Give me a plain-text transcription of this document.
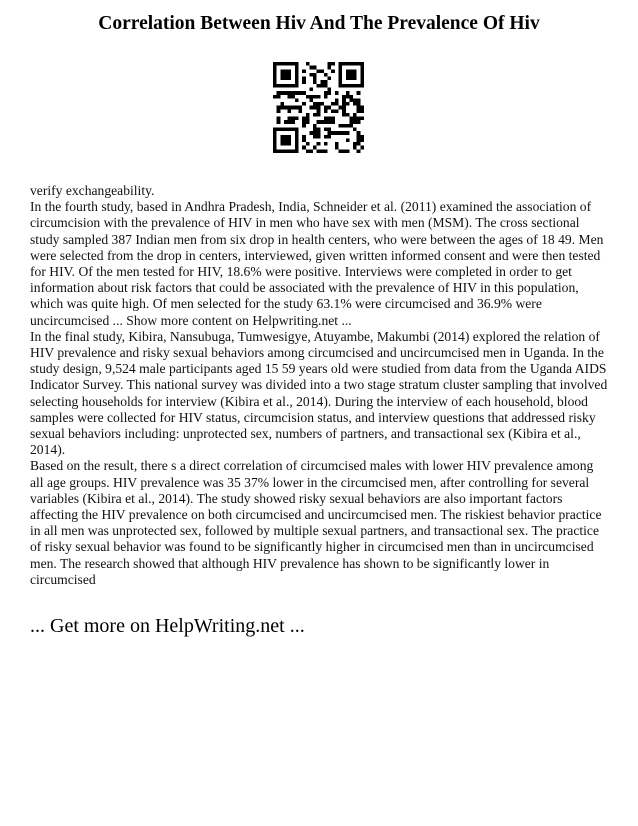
Correlation Between Hiv And The Prevalence Of Hiv

verify exchangeability.

In the fourth study, based in Andhra Pradesh, India, Schneider et al. (2011) examined the association of circumcision with the prevalence of HIV in men who have sex with men (MSM). The cross sectional study sampled 387 Indian men from six drop in health centers, who were between the ages of 18 49. Men were selected from the drop in centers, interviewed, given written informed consent and were then tested for HIV. Of the men tested for HIV, 18.6% were positive. Interviews were completed in order to get information about risk factors that could be associated with the prevalence of HIV in this population, which was quite high. Of men selected for the study 63.1% were circumcised and 36.9% were uncircumcised ... Show more content on Helpwriting.net ...

In the final study, Kibira, Nansubuga, Tumwesigye, Atuyambe, Makumbi (2014) explored the relation of HIV prevalence and risky sexual behaviors among circumcised and uncircumcised men in Uganda. In the study design, 9,524 male participants aged 15 59 years old were studied from data from the Uganda AIDS Indicator Survey. This national survey was divided into a two stage stratum cluster sampling that involved selecting households for interview (Kibira et al., 2014). During the interview of each household, blood samples were collected for HIV status, circumcision status, and interview questions that addressed risky sexual behaviors including: unprotected sex, numbers of partners, and transactional sex (Kibira et al., 2014).

Based on the result, there s a direct correlation of circumcised males with lower HIV prevalence among all age groups. HIV prevalence was 35 37% lower in the circumcised men, after controlling for several variables (Kibira et al., 2014). The study showed risky sexual behaviors are also important factors affecting the HIV prevalence on both circumcised and uncircumcised men. The riskiest behavior practice in all men was unprotected sex, followed by multiple sexual partners, and transactional sex. The practice of risky sexual behavior was found to be significantly higher in circumcised men than in uncircumcised men. The research showed that although HIV prevalence has shown to be significantly lower in circumcised

... Get more on HelpWriting.net ...
